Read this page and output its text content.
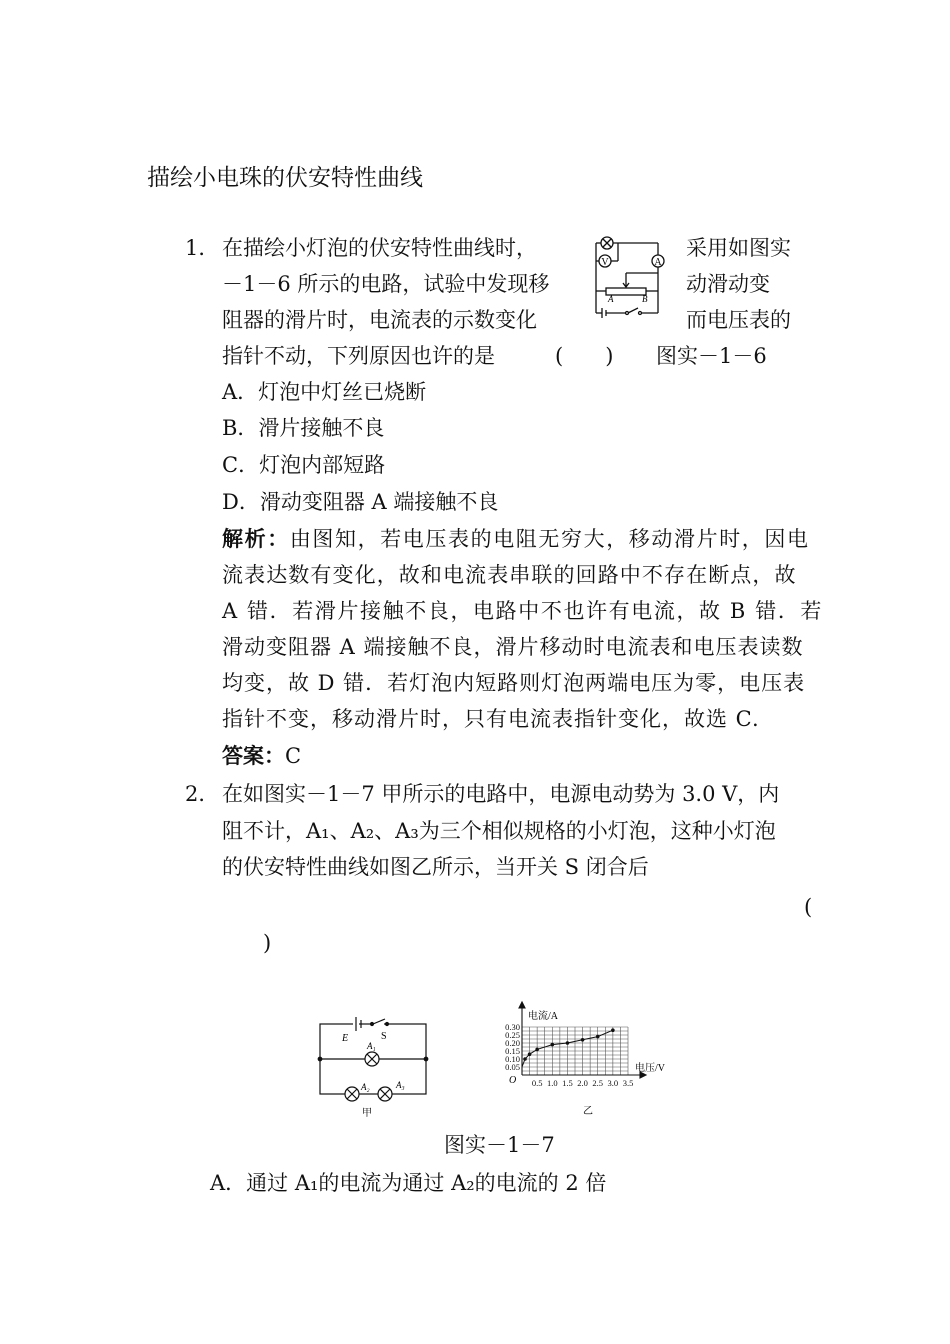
描绘小电珠的伏安特性曲线
1． 在描绘小灯泡的伏安特性曲线时，	采用如图实
－1－6 所示的电路，试验中发现移	动滑动变
阻器的滑片时，电流表的示数变化	而电压表的
指针不动，下列原因也许的是	(　　) 图实－1－6
V	A
A	B
A．灯泡中灯丝已烧断
B．滑片接触不良
C．灯泡内部短路
D．滑动变阻器 A 端接触不良
解析：由图知，若电压表的电阻无穷大，移动滑片时，因电
流表达数有变化，故和电流表串联的回路中不存在断点，故
A 错．若滑片接触不良，电路中不也许有电流，故 B 错．若
滑动变阻器 A 端接触不良，滑片移动时电流表和电压表读数
均变，故 D 错．若灯泡内短路则灯泡两端电压为零，电压表
指针不变，移动滑片时，只有电流表指针变化，故选 C.
答案：C
2． 在如图实－1－7 甲所示的电路中，电源电动势为 3.0 V，内
阻不计，A₁、A₂、A₃为三个相似规格的小灯泡，这种小灯泡
的伏安特性曲线如图乙所示，当开关 S 闭合后
(
)
E	S
A₁
A₂	A₃
甲
0.5 1.0 1.5 2.0 2.5 3.0 3.5
0.05
0.10
0.15
0.20
0.25
0.30
电流/A
电压/V
O
乙
图实－1－7
A．通过 A₁的电流为通过 A₂的电流的 2 倍
